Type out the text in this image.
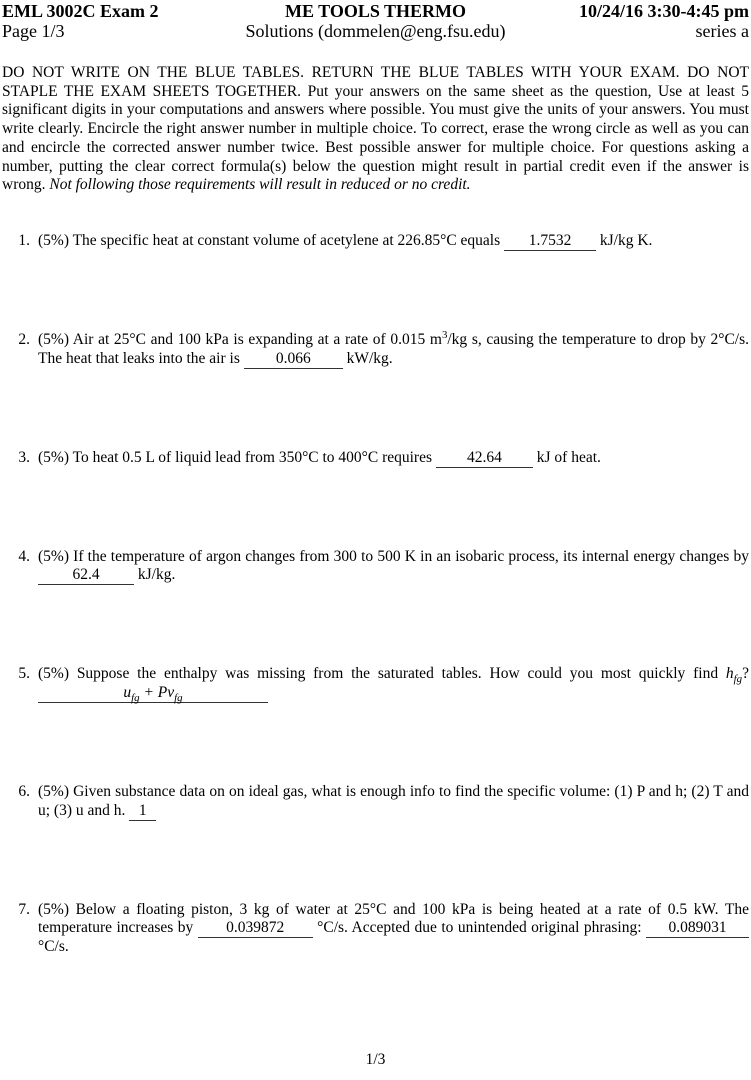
EML 3002C Exam 2	ME TOOLS THERMO	10/24/16 3:30-4:45 pm
Page 1/3	Solutions (dommelen@eng.fsu.edu)	series a

DO NOT WRITE ON THE BLUE TABLES. RETURN THE BLUE TABLES WITH YOUR EXAM. DO NOT STAPLE THE EXAM SHEETS TOGETHER. Put your answers on the same sheet as the question, Use at least 5 significant digits in your computations and answers where possible. You must give the units of your answers. You must write clearly. Encircle the right answer number in multiple choice. To correct, erase the wrong circle as well as you can and encircle the corrected answer number twice. Best possible answer for multiple choice. For questions asking a number, putting the clear correct formula(s) below the question might result in partial credit even if the answer is wrong. Not following those requirements will result in reduced or no credit.

1. (5%) The specific heat at constant volume of acetylene at 226.85°C equals 1.7532 kJ/kg K.
2. (5%) Air at 25°C and 100 kPa is expanding at a rate of 0.015 $m^3/kg$ s, causing the temperature to drop by 2°C/s. The heat that leaks into the air is 0.066 kW/kg.
3. (5%) To heat 0.5 L of liquid lead from 350°C to 400°C requires 42.64 kJ of heat.
4. (5%) If the temperature of argon changes from 300 to 500 K in an isobaric process, its internal energy changes by 62.4 kJ/kg.
5. (5%) Suppose the enthalpy was missing from the saturated tables. How could you most quickly find $h_{fg}$? $u_{fg} + Pv_{fg}$
6. (5%) Given substance data on on ideal gas, what is enough info to find the specific volume: (1) P and h; (2) T and u; (3) u and h. 1
7. (5%) Below a floating piston, 3 kg of water at 25°C and 100 kPa is being heated at a rate of 0.5 kW. The temperature increases by 0.039872 °C/s. Accepted due to unintended original phrasing: 0.089031 °C/s.
1/3
